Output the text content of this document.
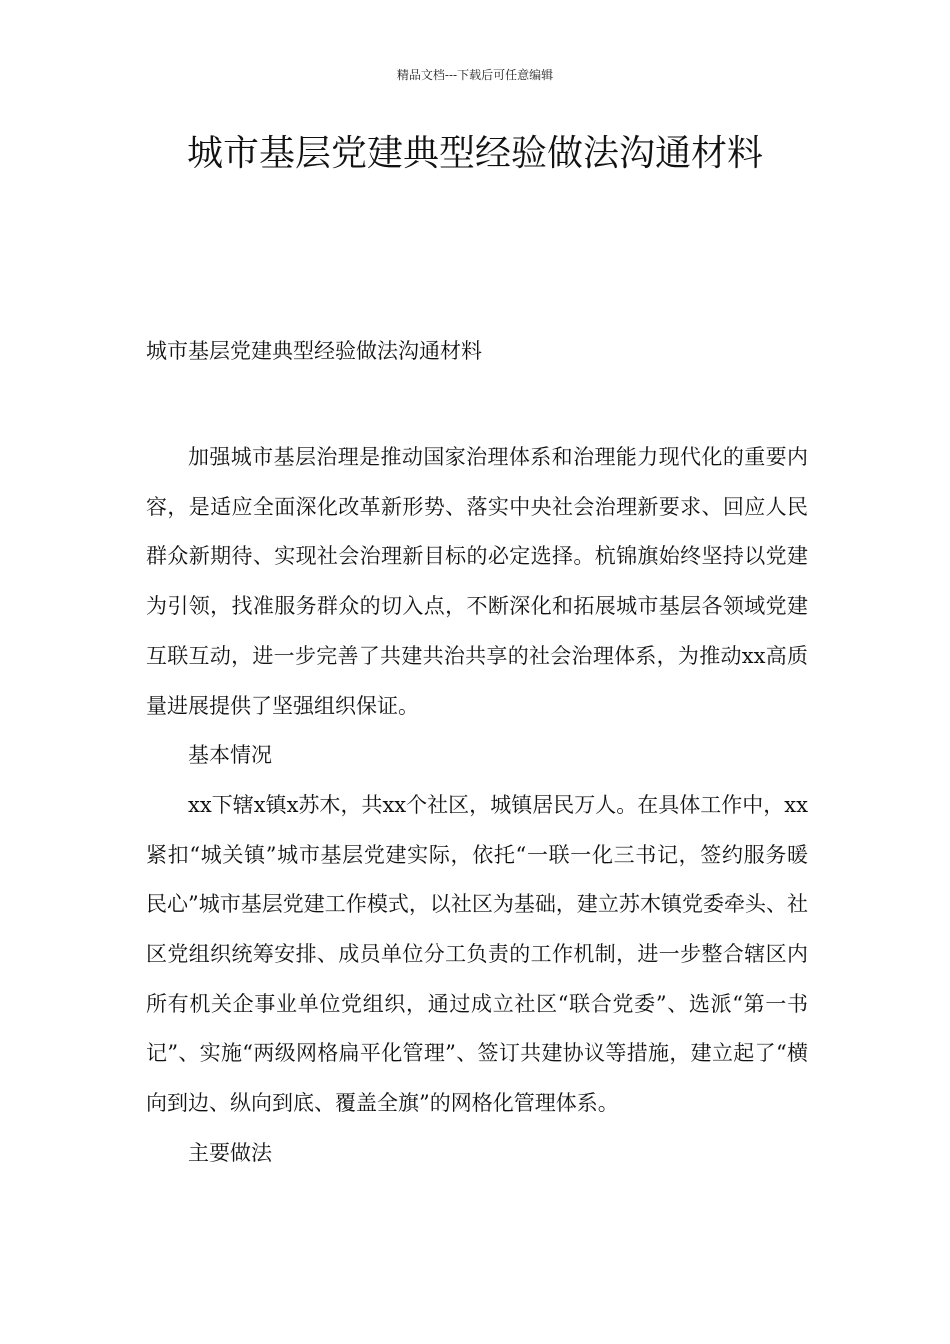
精品文档---下载后可任意编辑
城市基层党建典型经验做法沟通材料
城市基层党建典型经验做法沟通材料

加强城市基层治理是推动国家治理体系和治理能力现代化的重要内容，是适应全面深化改革新形势、落实中央社会治理新要求、回应人民群众新期待、实现社会治理新目标的必定选择。杭锦旗始终坚持以党建为引领，找准服务群众的切入点，不断深化和拓展城市基层各领域党建互联互动，进一步完善了共建共治共享的社会治理体系，为推动xx高质量进展提供了坚强组织保证。

基本情况

xx下辖x镇x苏木，共xx个社区，城镇居民万人。在具体工作中，xx紧扣“城关镇”城市基层党建实际，依托“一联一化三书记，签约服务暖民心”城市基层党建工作模式，以社区为基础，建立苏木镇党委牵头、社区党组织统筹安排、成员单位分工负责的工作机制，进一步整合辖区内所有机关企事业单位党组织，通过成立社区“联合党委”、选派“第一书记”、实施“两级网格扁平化管理”、签订共建协议等措施，建立起了“横向到边、纵向到底、覆盖全旗”的网格化管理体系。

主要做法
